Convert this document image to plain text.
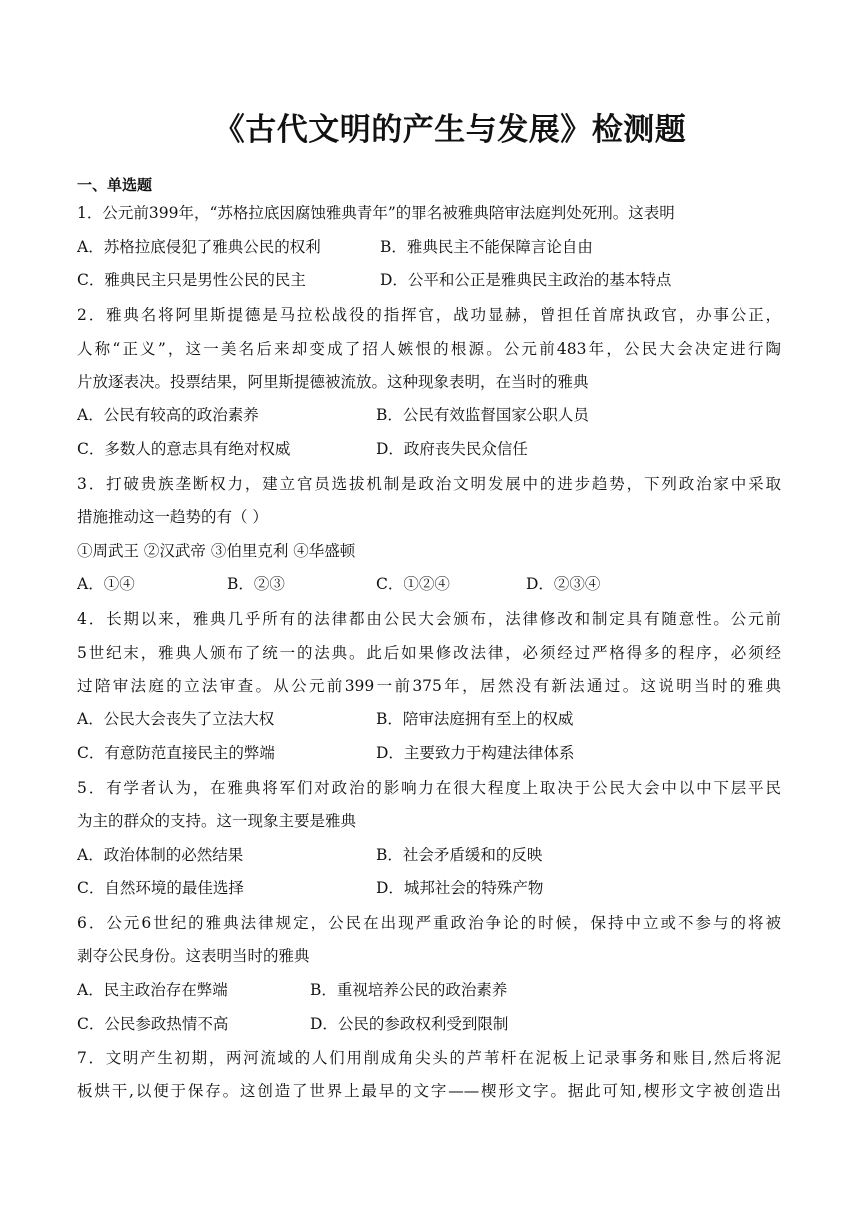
《古代文明的产生与发展》检测题
一、单选题
1．公元前399年，“苏格拉底因腐蚀雅典青年”的罪名被雅典陪审法庭判处死刑。这表明
A．苏格拉底侵犯了雅典公民的权利	B．雅典民主不能保障言论自由
C．雅典民主只是男性公民的民主	D．公平和公正是雅典民主政治的基本特点
2．雅典名将阿里斯提德是马拉松战役的指挥官，战功显赫，曾担任首席执政官，办事公正，
人称“正义”，这一美名后来却变成了招人嫉恨的根源。公元前483年，公民大会决定进行陶
片放逐表决。投票结果，阿里斯提德被流放。这种现象表明，在当时的雅典
A．公民有较高的政治素养	B．公民有效监督国家公职人员
C．多数人的意志具有绝对权威	D．政府丧失民众信任
3．打破贵族垄断权力，建立官员选拔机制是政治文明发展中的进步趋势，下列政治家中采取
措施推动这一趋势的有（ ）
①周武王 ②汉武帝 ③伯里克利 ④华盛顿
A．①④	B．②③	C．①②④	D．②③④
4．长期以来，雅典几乎所有的法律都由公民大会颁布，法律修改和制定具有随意性。公元前
5世纪末，雅典人颁布了统一的法典。此后如果修改法律，必须经过严格得多的程序，必须经
过陪审法庭的立法审查。从公元前399一前375年，居然没有新法通过。这说明当时的雅典
A．公民大会丧失了立法大权	B．陪审法庭拥有至上的权威
C．有意防范直接民主的弊端	D．主要致力于构建法律体系
5．有学者认为，在雅典将军们对政治的影响力在很大程度上取决于公民大会中以中下层平民
为主的群众的支持。这一现象主要是雅典
A．政治体制的必然结果	B．社会矛盾缓和的反映
C．自然环境的最佳选择	D．城邦社会的特殊产物
6．公元6世纪的雅典法律规定，公民在出现严重政治争论的时候，保持中立或不参与的将被
剥夺公民身份。这表明当时的雅典
A．民主政治存在弊端	B．重视培养公民的政治素养
C．公民参政热情不高	D．公民的参政权利受到限制
7．文明产生初期，两河流域的人们用削成角尖头的芦苇杆在泥板上记录事务和账目,然后将泥
板烘干,以便于保存。这创造了世界上最早的文字——楔形文字。据此可知,楔形文字被创造出
